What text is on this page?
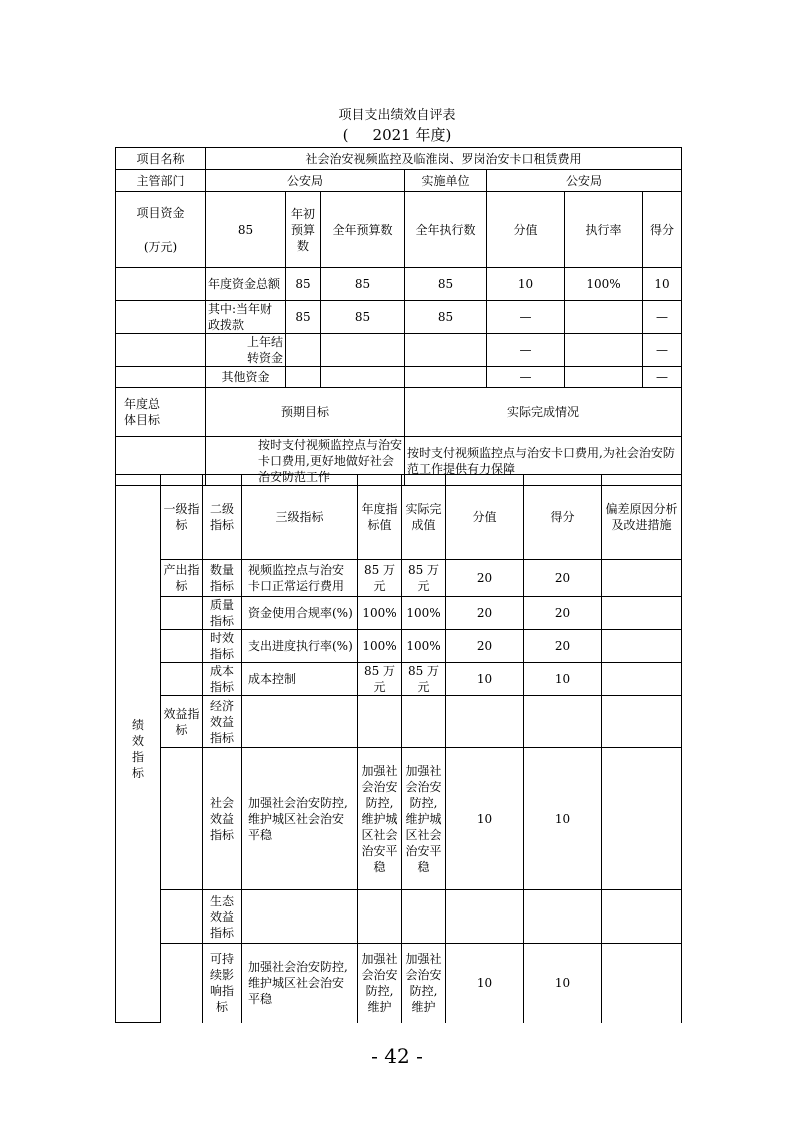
项目支出绩效自评表
( 2021 年度)
项目名称	社会治安视频监控及临淮岗、罗岗治安卡口租赁费用						
主管部门	公安局			实施单位	公安局		

项目资金
(万元)	85	年初预算数	全年预算数	全年执行数	分值	执行率	得分
	年度资金总额	85	85	85	10	100%	10
	其中:当年财政拨款	85	85	85	—		—
	上年结转资金				—		—
	其他资金				—		—

年度总体目标	预期目标			实际完成情况			
	按时支付视频监控点与治安卡口费用,更好地做好社会治安防范工作			按时支付视频监控点与治安卡口费用,为社会治安防范工作提供有力保障			
绩效指标	一级指标	二级指标	三级指标	年度指标值	实际完成值	分值	得分	偏差原因分析及改进措施
	产出指标	数量指标	视频监控点与治安卡口正常运行费用	85 万元	85 万元	20	20	
		质量指标	资金使用合规率(%)	100%	100%	20	20	
		时效指标	支出进度执行率(%)	100%	100%	20	20	
		成本指标	成本控制	85 万元	85 万元	10	10	
	效益指标	经济效益指标						
		社会效益指标	加强社会治安防控,维护城区社会治安平稳	加强社会治安防控,维护城区社会治安平稳	加强社会治安防控,维护城区社会治安平稳	10	10	
		生态效益指标						
		可持续影响指标	加强社会治安防控,维护城区社会治安平稳	加强社会治安防控,维护	加强社会治安防控,维护	10	10	
- 42 -
